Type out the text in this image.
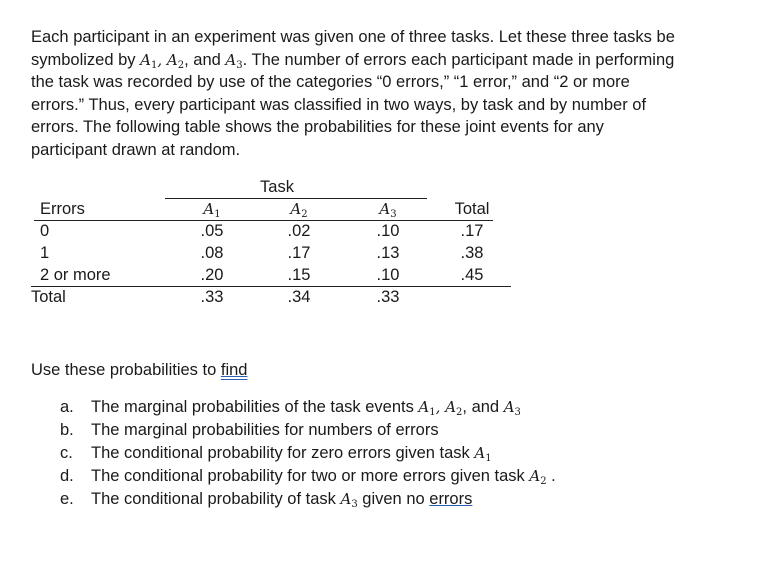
Each participant in an experiment was given one of three tasks. Let these three tasks be

symbolized by $A_1$, $A_2$, and $A_3$. The number of errors each participant made in performing

the task was recorded by use of the categories “0 errors,” “1 error,” and “2 or more

errors.” Thus, every participant was classified in two ways, by task and by number of

errors. The following table shows the probabilities for these joint events for any

participant drawn at random.

Task
Errors	$A_1$	$A_2$	$A_3$	Total
0	.05	.02	.10	.17
1	.08	.17	.13	.38
2 or more	.20	.15	.10	.45
Total	.33	.34	.33
Use these probabilities to find
a. The marginal probabilities of the task events $A_1$, $A_2$, and $A_3$
b. The marginal probabilities for numbers of errors
c. The conditional probability for zero errors given task $A_1$
d. The conditional probability for two or more errors given task $A_2$ .
e. The conditional probability of task $A_3$ given no errors
